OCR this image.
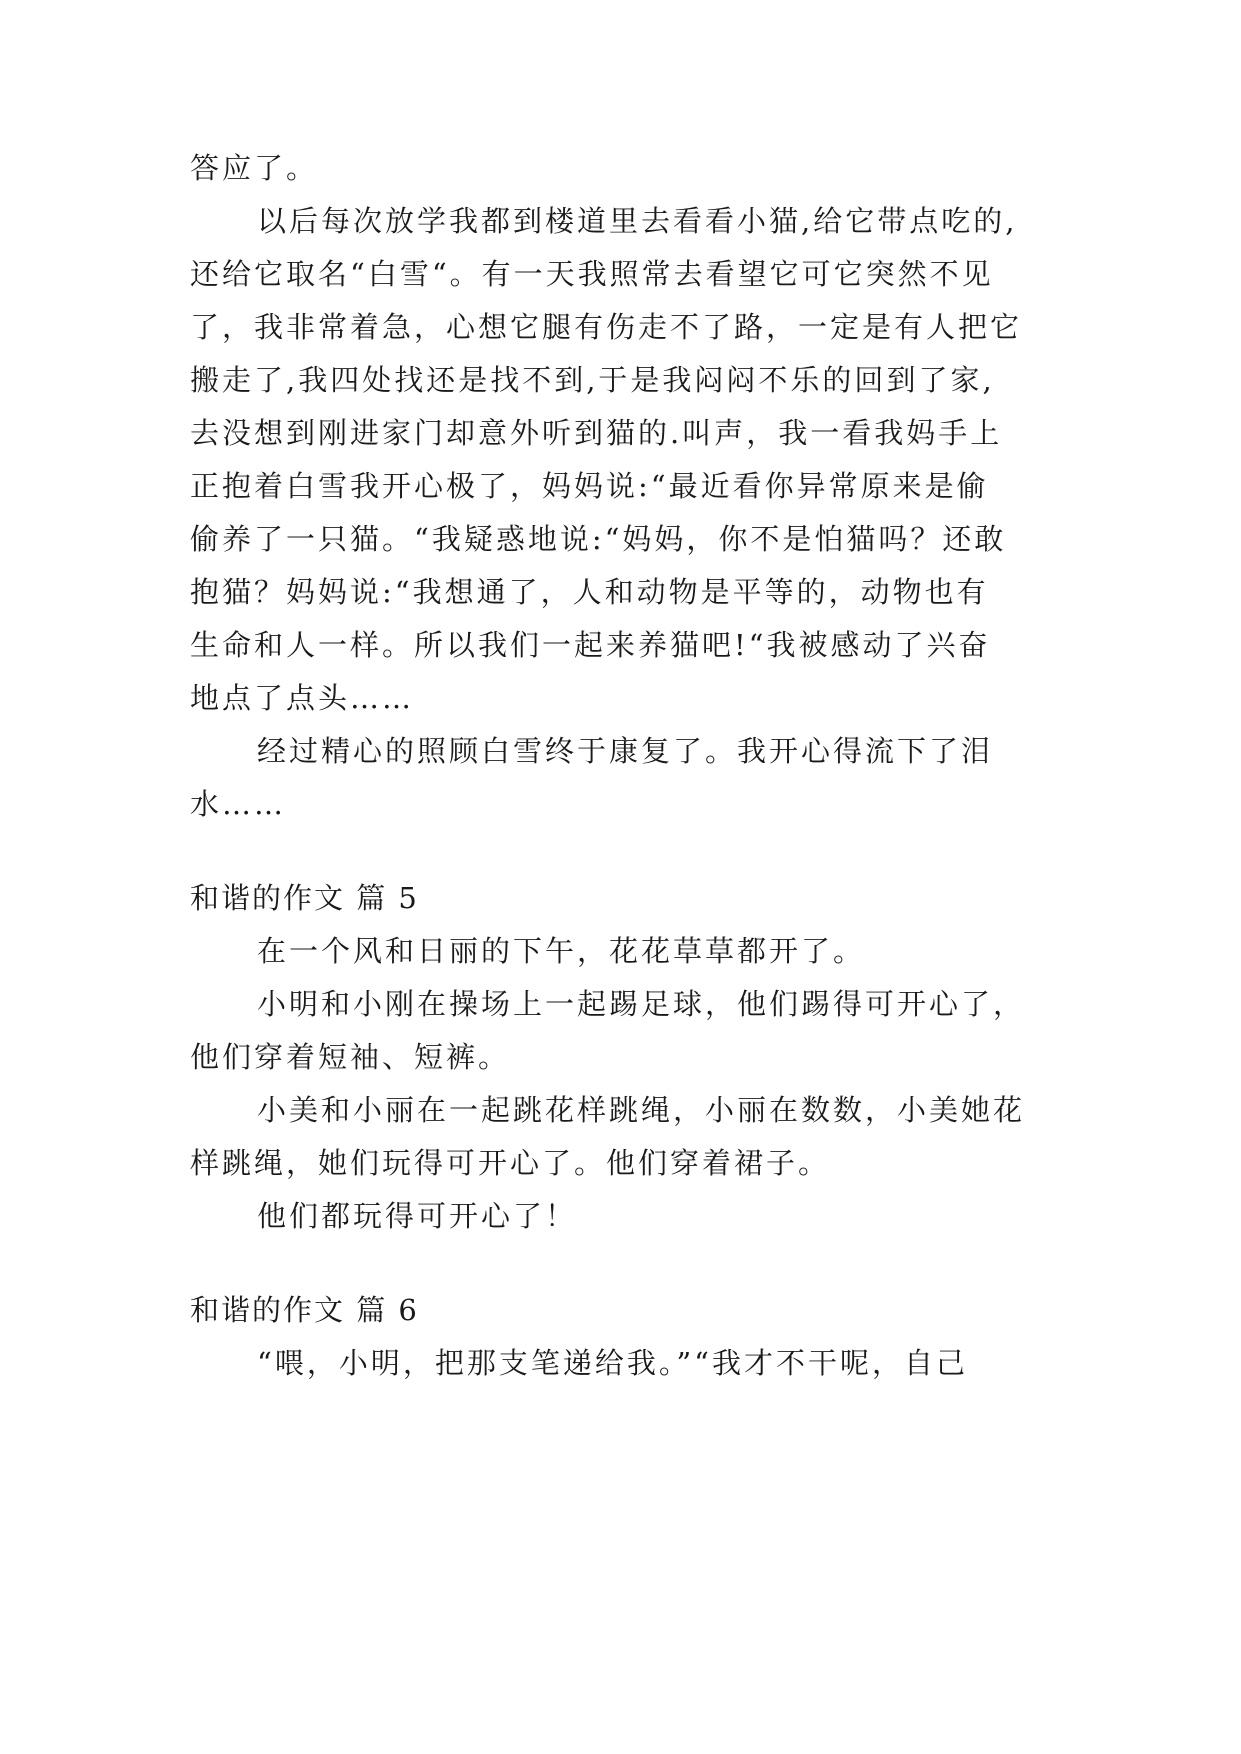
答应了。
以后每次放学我都到楼道里去看看小猫,给它带点吃的,
还给它取名“白雪“。有一天我照常去看望它可它突然不见
了，我非常着急，心想它腿有伤走不了路，一定是有人把它
搬走了,我四处找还是找不到,于是我闷闷不乐的回到了家,
去没想到刚进家门却意外听到猫的.叫声，我一看我妈手上
正抱着白雪我开心极了，妈妈说:“最近看你异常原来是偷
偷养了一只猫。“我疑惑地说:“妈妈，你不是怕猫吗？还敢
抱猫？妈妈说:“我想通了，人和动物是平等的，动物也有
生命和人一样。所以我们一起来养猫吧!“我被感动了兴奋
地点了点头……
经过精心的照顾白雪终于康复了。我开心得流下了泪
水……
和谐的作文 篇 5
在一个风和日丽的下午，花花草草都开了。
小明和小刚在操场上一起踢足球，他们踢得可开心了，
他们穿着短袖、短裤。
小美和小丽在一起跳花样跳绳，小丽在数数，小美她花
样跳绳，她们玩得可开心了。他们穿着裙子。
他们都玩得可开心了！
和谐的作文 篇 6
“喂，小明，把那支笔递给我。”“我才不干呢，自己
